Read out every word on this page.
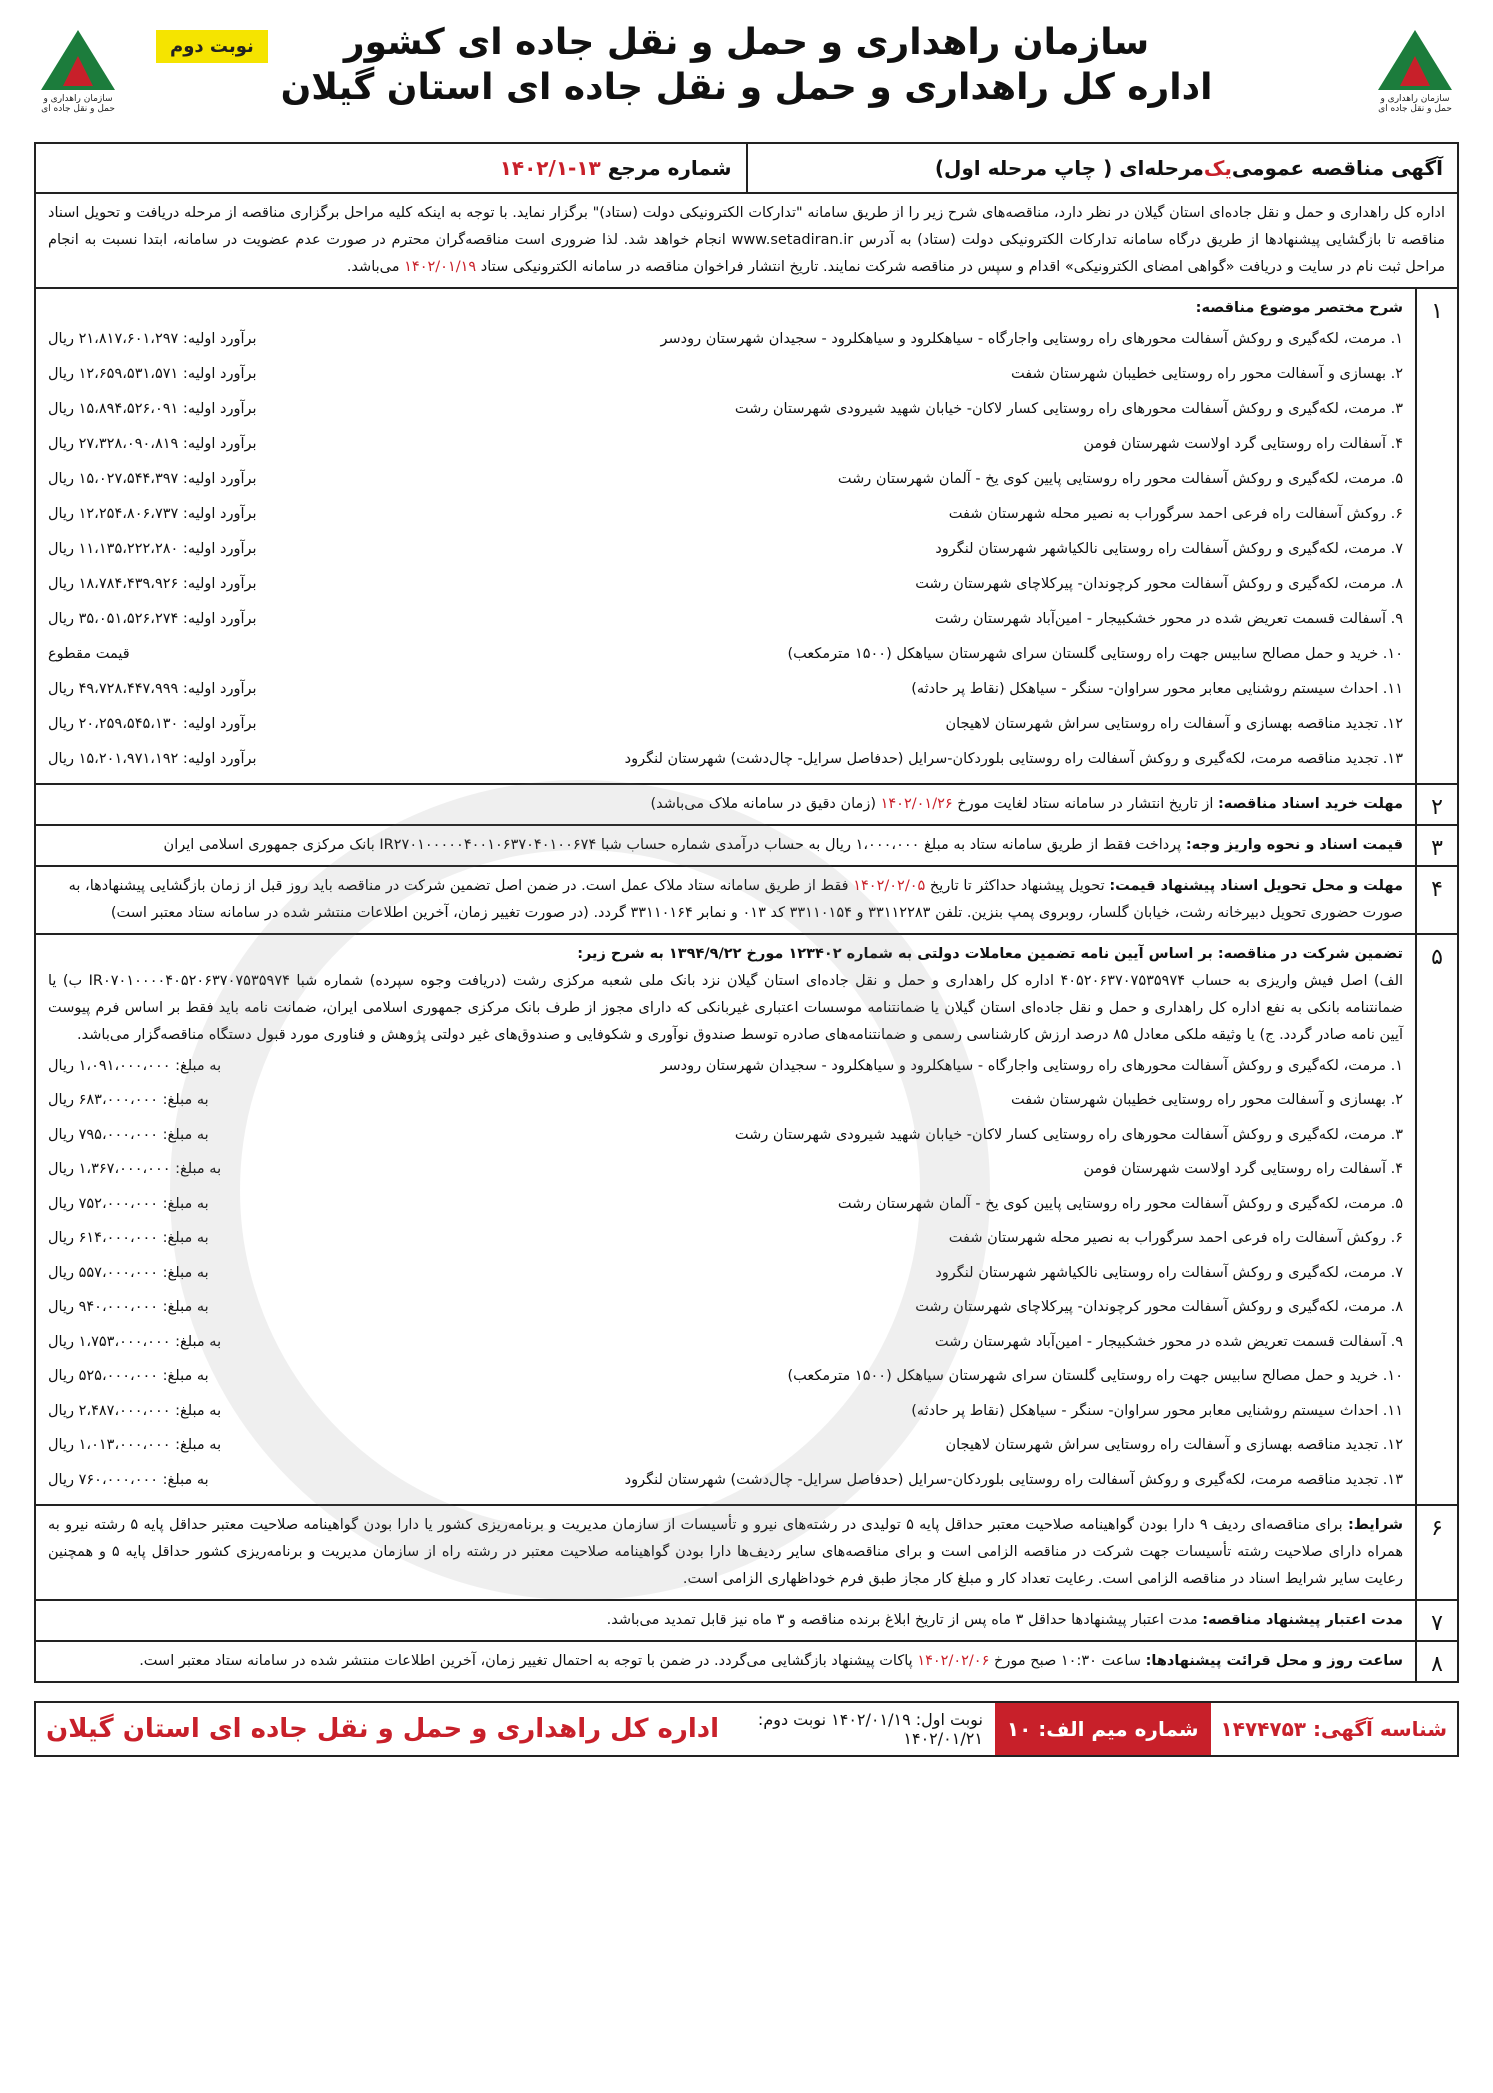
سازمان راهداری و حمل و نقل جاده ای
سازمان راهداری و حمل و نقل جاده ای
نوبت دوم	سازمان راهداری و حمل و نقل جاده ای کشور
اداره کل راهداری و حمل و نقل جاده ای استان گیلان
آگهی مناقصه عمومی
یک
مرحله‌ای ( چاپ مرحله اول)
شماره مرجع

۱۴۰۲/۱-۱۳
اداره کل راهداری و حمل و نقل جاده‌ای استان گیلان در نظر دارد، مناقصه‌های شرح زیر را از طریق سامانه "تدارکات الکترونیکی دولت (ستاد)" برگزار نماید. با توجه به اینکه کلیه مراحل برگزاری مناقصه از مرحله دریافت و تحویل اسناد مناقصه تا بازگشایی پیشنهادها از طریق درگاه سامانه تدارکات الکترونیکی دولت (ستاد) به آدرس www.setadiran.ir انجام خواهد شد. لذا ضروری است مناقصه‌گران محترم در صورت عدم عضویت در سامانه، ابتدا نسبت به انجام مراحل ثبت نام در سایت و دریافت «گواهی امضای الکترونیکی» اقدام و سپس در مناقصه شرکت نمایند. تاریخ انتشار فراخوان مناقصه در سامانه الکترونیکی ستاد ۱۴۰۲/۰۱/۱۹ می‌باشد.
۱
شرح مختصر موضوع مناقصه:
۱. مرمت، لکه‌گیری و روکش آسفالت محورهای راه روستایی واجارگاه - سیاهکلرود و سیاهکلرود - سجیدان شهرستان رودسر
برآورد اولیه: ۲۱،۸۱۷،۶۰۱،۲۹۷ ریال
۲. بهسازی و آسفالت محور راه روستایی خطیبان شهرستان شفت
برآورد اولیه: ۱۲،۶۵۹،۵۳۱،۵۷۱ ریال
۳. مرمت، لکه‌گیری و روکش آسفالت محورهای راه روستایی کسار لاکان- خیابان شهید شیرودی شهرستان رشت
برآورد اولیه: ۱۵،۸۹۴،۵۲۶،۰۹۱ ریال
۴. آسفالت راه روستایی گرد اولاست شهرستان فومن
برآورد اولیه: ۲۷،۳۲۸،۰۹۰،۸۱۹ ریال
۵. مرمت، لکه‌گیری و روکش آسفالت محور راه روستایی پایین کوی یخ - آلمان شهرستان رشت
برآورد اولیه: ۱۵،۰۲۷،۵۴۴،۳۹۷ ریال
۶. روکش آسفالت راه فرعی احمد سرگوراب به نصیر محله شهرستان شفت
برآورد اولیه: ۱۲،۲۵۴،۸۰۶،۷۳۷ ریال
۷. مرمت، لکه‌گیری و روکش آسفالت راه روستایی نالکیاشهر شهرستان لنگرود
برآورد اولیه: ۱۱،۱۳۵،۲۲۲،۲۸۰ ریال
۸. مرمت، لکه‌گیری و روکش آسفالت محور کرچوندان- پیرکلاچای شهرستان رشت
برآورد اولیه: ۱۸،۷۸۴،۴۳۹،۹۲۶ ریال
۹. آسفالت قسمت تعریض شده در محور خشکبیجار - امین‌آباد شهرستان رشت
برآورد اولیه: ۳۵،۰۵۱،۵۲۶،۲۷۴ ریال
۱۰. خرید و حمل مصالح سابیس جهت راه روستایی گلستان سرای شهرستان سیاهکل (۱۵۰۰ مترمکعب)
قیمت مقطوع
۱۱. احداث سیستم روشنایی معابر محور سراوان- سنگر - سیاهکل (نقاط پر حادثه)
برآورد اولیه: ۴۹،۷۲۸،۴۴۷،۹۹۹ ریال
۱۲. تجدید مناقصه بهسازی و آسفالت راه روستایی سراش شهرستان لاهیجان
برآورد اولیه: ۲۰،۲۵۹،۵۴۵،۱۳۰ ریال
۱۳. تجدید مناقصه مرمت، لکه‌گیری و روکش آسفالت راه روستایی بلوردکان-سرایل (حدفاصل سرایل- چال‌دشت) شهرستان لنگرود
برآورد اولیه: ۱۵،۲۰۱،۹۷۱،۱۹۲ ریال
۲
مهلت خرید اسناد مناقصه: از تاریخ انتشار در سامانه ستاد لغایت مورخ ۱۴۰۲/۰۱/۲۶ (زمان دقیق در سامانه ملاک می‌باشد)
۳
قیمت اسناد و نحوه واریز وجه: پرداخت فقط از طریق سامانه ستاد به مبلغ ۱،۰۰۰،۰۰۰ ریال به حساب درآمدی شماره حساب شبا IR۲۷۰۱۰۰۰۰۰۴۰۰۱۰۶۳۷۰۴۰۱۰۰۶۷۴ بانک مرکزی جمهوری اسلامی ایران
۴
مهلت و محل تحویل اسناد پیشنهاد قیمت: تحویل پیشنهاد حداکثر تا تاریخ ۱۴۰۲/۰۲/۰۵ فقط از طریق سامانه ستاد ملاک عمل است. در ضمن اصل تضمین شرکت در مناقصه باید روز قبل از زمان بازگشایی پیشنهادها، به صورت حضوری تحویل دبیرخانه رشت، خیابان گلسار، روبروی پمپ بنزین. تلفن ۳۳۱۱۲۲۸۳ و ۳۳۱۱۰۱۵۴ کد ۰۱۳ و نمابر ۳۳۱۱۰۱۶۴ گردد. (در صورت تغییر زمان، آخرین اطلاعات منتشر شده در سامانه ستاد معتبر است)
۵
تضمین شرکت در مناقصه: بر اساس آیین نامه تضمین معاملات دولتی به شماره ۱۲۳۴۰۲ مورخ ۱۳۹۴/۹/۲۲ به شرح زیر:
الف) اصل فیش واریزی به حساب ۴۰۵۲۰۶۳۷۰۷۵۳۵۹۷۴ اداره کل راهداری و حمل و نقل جاده‌ای استان گیلان نزد بانک ملی شعبه مرکزی رشت (دریافت وجوه سپرده) شماره شبا IR۰۷۰۱۰۰۰۰۴۰۵۲۰۶۳۷۰۷۵۳۵۹۷۴ ب) یا ضمانتنامه بانکی به نفع اداره کل راهداری و حمل و نقل جاده‌ای استان گیلان یا ضمانتنامه موسسات اعتباری غیربانکی که دارای مجوز از طرف بانک مرکزی جمهوری اسلامی ایران، ضمانت نامه باید فقط بر اساس فرم پیوست آیین نامه صادر گردد. ج) یا وثیقه ملکی معادل ۸۵ درصد ارزش کارشناسی رسمی و ضمانتنامه‌های صادره توسط صندوق نوآوری و شکوفایی و صندوق‌های غیر دولتی پژوهش و فناوری مورد قبول دستگاه مناقصه‌گزار می‌باشد.
۱. مرمت، لکه‌گیری و روکش آسفالت محورهای راه روستایی واجارگاه - سیاهکلرود و سیاهکلرود - سجیدان شهرستان رودسر
به مبلغ: ۱،۰۹۱،۰۰۰،۰۰۰ ریال
۲. بهسازی و آسفالت محور راه روستایی خطیبان شهرستان شفت
به مبلغ: ۶۸۳،۰۰۰،۰۰۰ ریال
۳. مرمت، لکه‌گیری و روکش آسفالت محورهای راه روستایی کسار لاکان- خیابان شهید شیرودی شهرستان رشت
به مبلغ: ۷۹۵،۰۰۰،۰۰۰ ریال
۴. آسفالت راه روستایی گرد اولاست شهرستان فومن
به مبلغ: ۱،۳۶۷،۰۰۰،۰۰۰ ریال
۵. مرمت، لکه‌گیری و روکش آسفالت محور راه روستایی پایین کوی یخ - آلمان شهرستان رشت
به مبلغ: ۷۵۲،۰۰۰،۰۰۰ ریال
۶. روکش آسفالت راه فرعی احمد سرگوراب به نصیر محله شهرستان شفت
به مبلغ: ۶۱۴،۰۰۰،۰۰۰ ریال
۷. مرمت، لکه‌گیری و روکش آسفالت راه روستایی نالکیاشهر شهرستان لنگرود
به مبلغ: ۵۵۷،۰۰۰،۰۰۰ ریال
۸. مرمت، لکه‌گیری و روکش آسفالت محور کرچوندان- پیرکلاچای شهرستان رشت
به مبلغ: ۹۴۰،۰۰۰،۰۰۰ ریال
۹. آسفالت قسمت تعریض شده در محور خشکبیجار - امین‌آباد شهرستان رشت
به مبلغ: ۱،۷۵۳،۰۰۰،۰۰۰ ریال
۱۰. خرید و حمل مصالح سابیس جهت راه روستایی گلستان سرای شهرستان سیاهکل (۱۵۰۰ مترمکعب)
به مبلغ: ۵۲۵،۰۰۰،۰۰۰ ریال
۱۱. احداث سیستم روشنایی معابر محور سراوان- سنگر - سیاهکل (نقاط پر حادثه)
به مبلغ: ۲،۴۸۷،۰۰۰،۰۰۰ ریال
۱۲. تجدید مناقصه بهسازی و آسفالت راه روستایی سراش شهرستان لاهیجان
به مبلغ: ۱،۰۱۳،۰۰۰،۰۰۰ ریال
۱۳. تجدید مناقصه مرمت، لکه‌گیری و روکش آسفالت راه روستایی بلوردکان-سرایل (حدفاصل سرایل- چال‌دشت) شهرستان لنگرود
به مبلغ: ۷۶۰،۰۰۰،۰۰۰ ریال
۶
شرایط: برای مناقصه‌ای ردیف ۹ دارا بودن گواهینامه صلاحیت معتبر حداقل پایه ۵ تولیدی در رشته‌های نیرو و تأسیسات از سازمان مدیریت و برنامه‌ریزی کشور یا دارا بودن گواهینامه صلاحیت معتبر حداقل پایه ۵ رشته نیرو به همراه دارای صلاحیت رشته تأسیسات جهت شرکت در مناقصه الزامی است و برای مناقصه‌های سایر ردیف‌ها دارا بودن گواهینامه صلاحیت معتبر در رشته راه از سازمان مدیریت و برنامه‌ریزی کشور حداقل پایه ۵ و همچنین رعایت سایر شرایط اسناد در مناقصه الزامی است. رعایت تعداد کار و مبلغ کار مجاز طبق فرم خوداظهاری الزامی است.
۷
مدت اعتبار پیشنهاد مناقصه: مدت اعتبار پیشنهادها حداقل ۳ ماه پس از تاریخ ابلاغ برنده مناقصه و ۳ ماه نیز قابل تمدید می‌باشد.
۸
ساعت روز و محل قرائت پیشنهادها: ساعت ۱۰:۳۰ صبح مورخ ۱۴۰۲/۰۲/۰۶ پاکات پیشنهاد بازگشایی می‌گردد. در ضمن با توجه به احتمال تغییر زمان، آخرین اطلاعات منتشر شده در سامانه ستاد معتبر است.
شناسه آگهی: ۱۴۷۴۷۵۳
شماره میم الف: ۱۰
نوبت اول: ۱۴۰۲/۰۱/۱۹ نوبت دوم: ۱۴۰۲/۰۱/۲۱
اداره کل راهداری و حمل و نقل جاده ای استان گیلان
